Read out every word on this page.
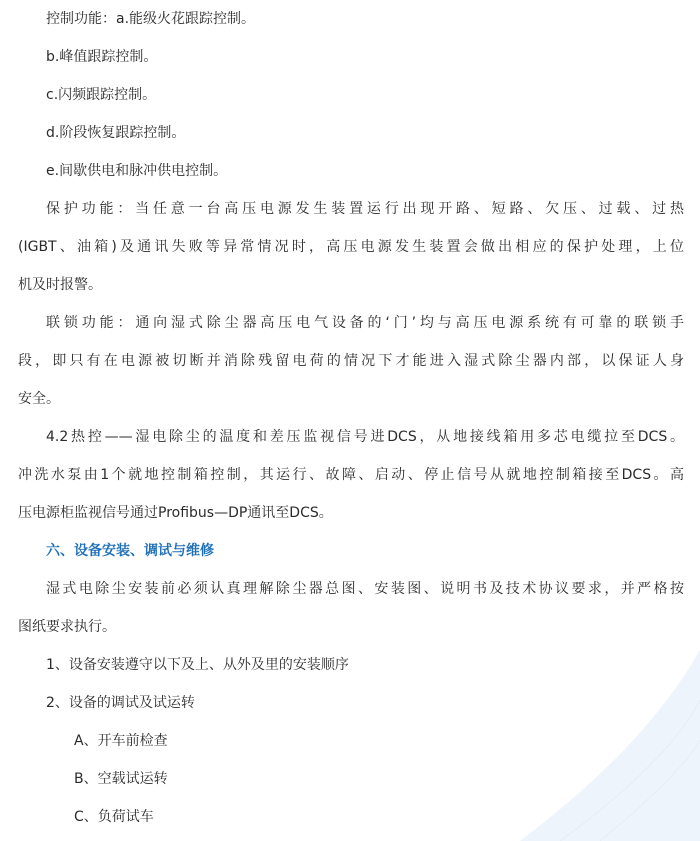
控制功能：a.能级火花跟踪控制。

b.峰值跟踪控制。

c.闪频跟踪控制。

d.阶段恢复跟踪控制。

e.间歇供电和脉冲供电控制。

保护功能：当任意一台高压电源发生装置运行出现开路、短路、欠压、过载、过热

(IGBT、油箱)及通讯失败等异常情况时，高压电源发生装置会做出相应的保护处理，上位

机及时报警。

联锁功能：通向湿式除尘器高压电气设备的‘门’均与高压电源系统有可靠的联锁手

段，即只有在电源被切断并消除残留电荷的情况下才能进入湿式除尘器内部，以保证人身

安全。

4.2热控——湿电除尘的温度和差压监视信号进DCS，从地接线箱用多芯电缆拉至DCS。

冲洗水泵由1个就地控制箱控制，其运行、故障、启动、停止信号从就地控制箱接至DCS。高

压电源柜监视信号通过Profibus—DP通讯至DCS。

六、设备安装、调试与维修

湿式电除尘安装前必须认真理解除尘器总图、安装图、说明书及技术协议要求，并严格按

图纸要求执行。

1、设备安装遵守以下及上、从外及里的安装顺序

2、设备的调试及试运转

A、开车前检查

B、空载试运转

C、负荷试车
